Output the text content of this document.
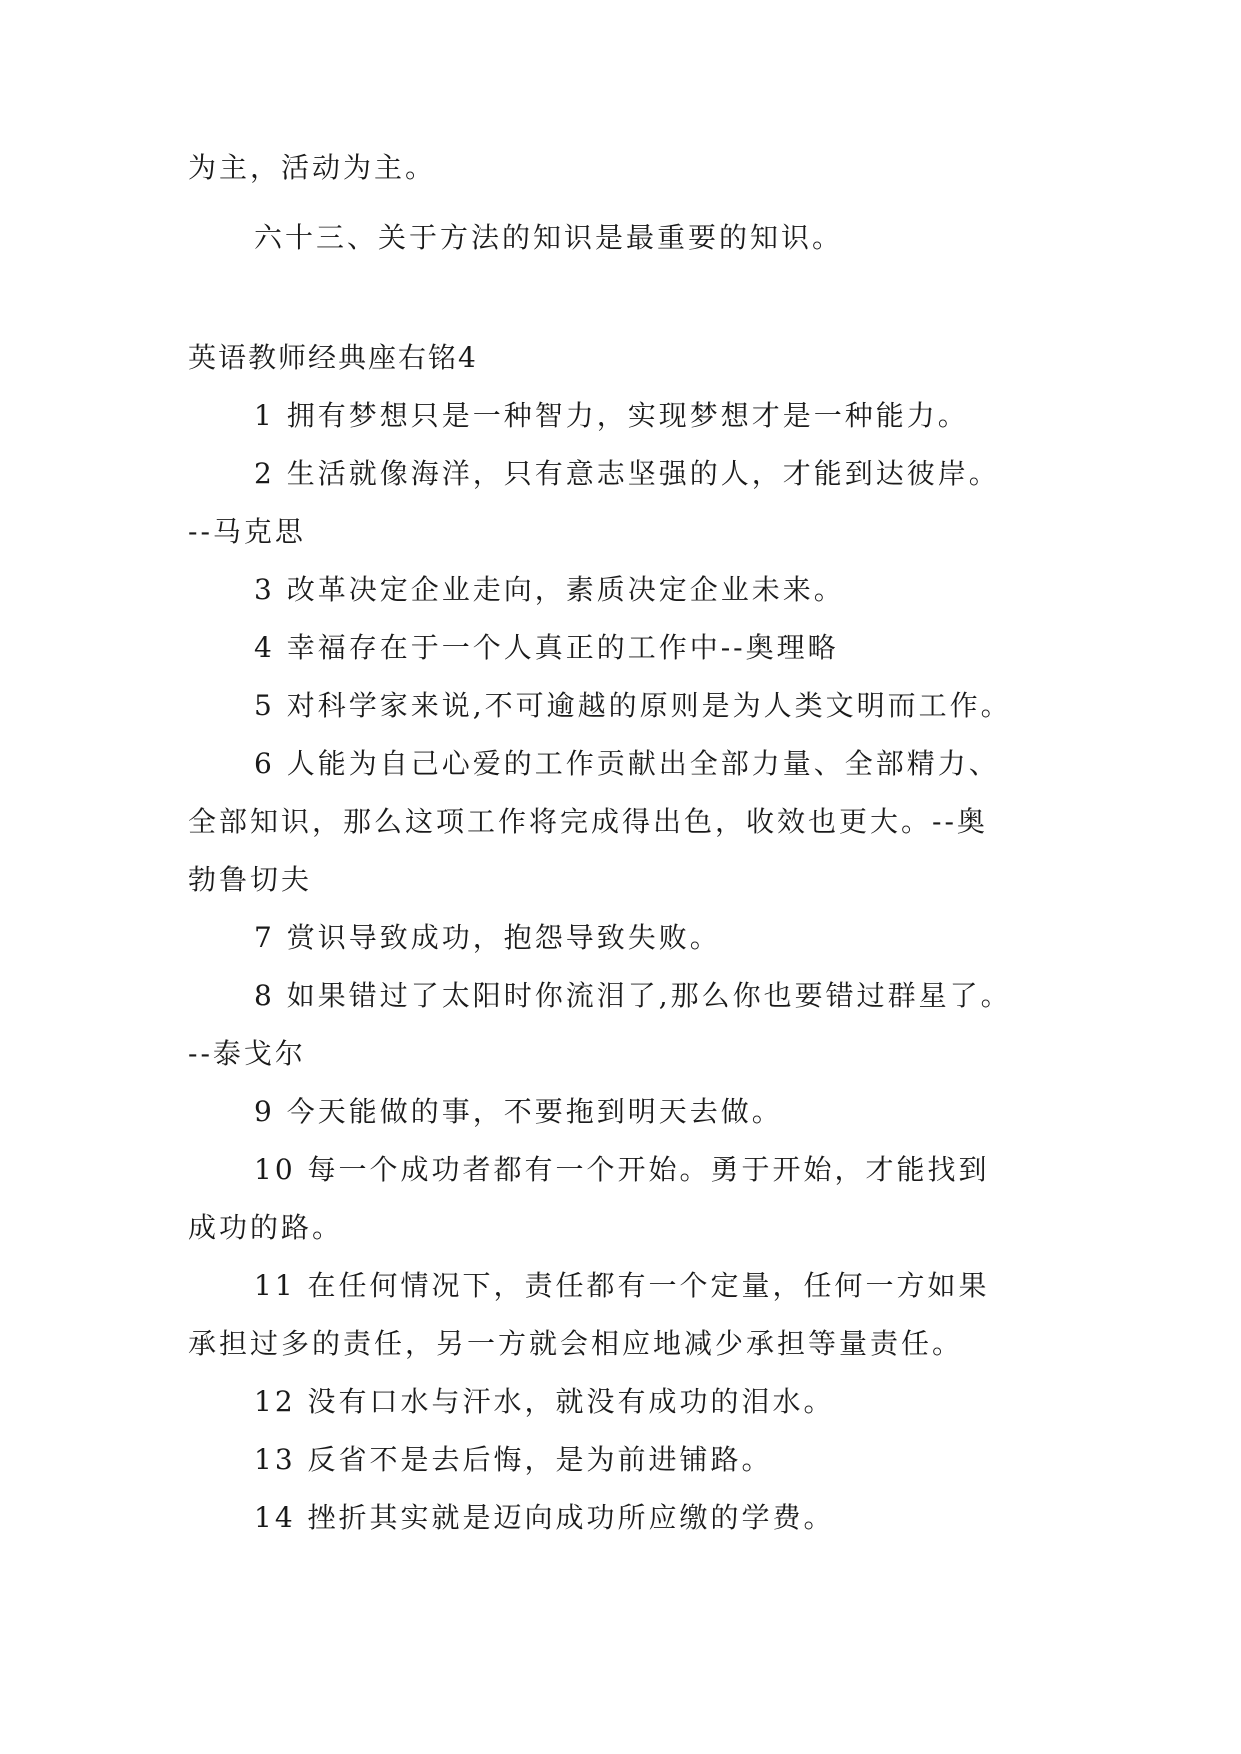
为主，活动为主。

六十三、关于方法的知识是最重要的知识。

英语教师经典座右铭4

1 拥有梦想只是一种智力，实现梦想才是一种能力。

2 生活就像海洋，只有意志坚强的人，才能到达彼岸。

--马克思

3 改革决定企业走向，素质决定企业未来。

4 幸福存在于一个人真正的工作中--奥理略

5 对科学家来说,不可逾越的原则是为人类文明而工作。

6 人能为自己心爱的工作贡献出全部力量、全部精力、

全部知识，那么这项工作将完成得出色，收效也更大。--奥

勃鲁切夫

7 赏识导致成功，抱怨导致失败。

8 如果错过了太阳时你流泪了,那么你也要错过群星了。

--泰戈尔

9 今天能做的事，不要拖到明天去做。

10 每一个成功者都有一个开始。勇于开始，才能找到

成功的路。

11 在任何情况下，责任都有一个定量，任何一方如果

承担过多的责任，另一方就会相应地减少承担等量责任。

12 没有口水与汗水，就没有成功的泪水。

13 反省不是去后悔，是为前进铺路。

14 挫折其实就是迈向成功所应缴的学费。
